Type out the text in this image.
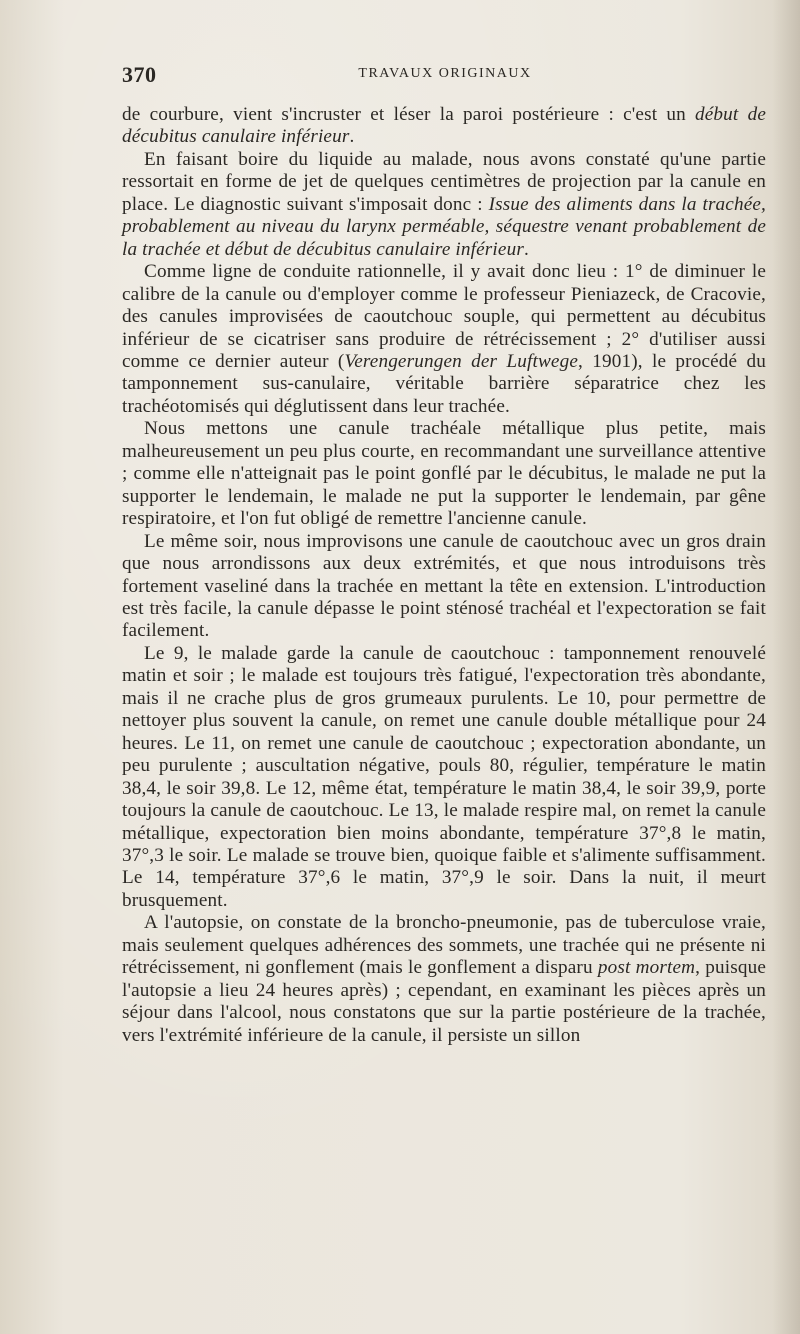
370	TRAVAUX ORIGINAUX

de courbure, vient s'incruster et léser la paroi postérieure : c'est un début de décubitus canulaire inférieur.

En faisant boire du liquide au malade, nous avons constaté qu'une partie ressortait en forme de jet de quelques centimètres de projection par la canule en place. Le diagnostic suivant s'imposait donc : Issue des aliments dans la trachée, probablement au niveau du larynx perméable, séquestre venant probablement de la trachée et début de décubitus canulaire inférieur.

Comme ligne de conduite rationnelle, il y avait donc lieu : 1° de diminuer le calibre de la canule ou d'employer comme le professeur Pieniazeck, de Cracovie, des canules improvisées de caoutchouc souple, qui permettent au décubitus inférieur de se cicatriser sans produire de rétrécissement ; 2° d'utiliser aussi comme ce dernier auteur (Verengerungen der Luftwege, 1901), le procédé du tamponnement sus-canulaire, véritable barrière séparatrice chez les trachéotomisés qui déglutissent dans leur trachée.

Nous mettons une canule trachéale métallique plus petite, mais malheureusement un peu plus courte, en recommandant une surveillance attentive ; comme elle n'atteignait pas le point gonflé par le décubitus, le malade ne put la supporter le lendemain, le malade ne put la supporter le lendemain, par gêne respiratoire, et l'on fut obligé de remettre l'ancienne canule.

Le même soir, nous improvisons une canule de caoutchouc avec un gros drain que nous arrondissons aux deux extrémités, et que nous introduisons très fortement vaseliné dans la trachée en mettant la tête en extension. L'introduction est très facile, la canule dépasse le point sténosé trachéal et l'expectoration se fait facilement.

Le 9, le malade garde la canule de caoutchouc : tamponnement renouvelé matin et soir ; le malade est toujours très fatigué, l'expectoration très abondante, mais il ne crache plus de gros grumeaux purulents. Le 10, pour permettre de nettoyer plus souvent la canule, on remet une canule double métallique pour 24 heures. Le 11, on remet une canule de caoutchouc ; expectoration abondante, un peu purulente ; auscultation négative, pouls 80, régulier, température le matin 38,4, le soir 39,8. Le 12, même état, température le matin 38,4, le soir 39,9, porte toujours la canule de caoutchouc. Le 13, le malade respire mal, on remet la canule métallique, expectoration bien moins abondante, température 37°,8 le matin, 37°,3 le soir. Le malade se trouve bien, quoique faible et s'alimente suffisamment. Le 14, température 37°,6 le matin, 37°,9 le soir. Dans la nuit, il meurt brusquement.

A l'autopsie, on constate de la broncho-pneumonie, pas de tuberculose vraie, mais seulement quelques adhérences des sommets, une trachée qui ne présente ni rétrécissement, ni gonflement (mais le gonflement a disparu post mortem, puisque l'autopsie a lieu 24 heures après) ; cependant, en examinant les pièces après un séjour dans l'alcool, nous constatons que sur la partie postérieure de la trachée, vers l'extrémité inférieure de la canule, il persiste un sillon
